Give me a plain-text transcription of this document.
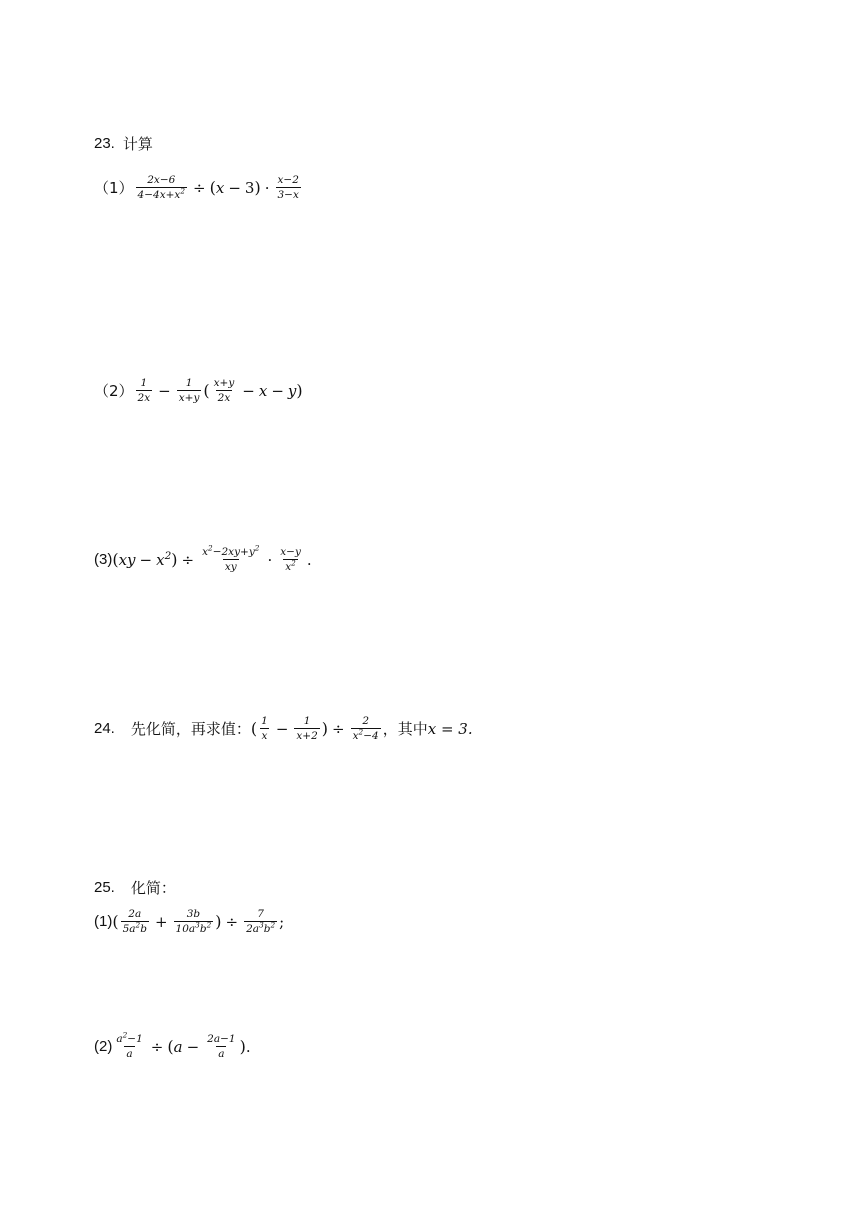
23. 计算
$(1) \frac{2x-6}{4-4x+x^2}$ ÷ ( x − 3 ) · $\frac{x-2}{3-x}$
$(2) \frac{1}{2x} - \frac{1}{x+y}$ ( $\frac{x+y}{2x} - x - y$ )
(3) ( xy − $x^2$ ) ÷ $\frac{x^2-2xy+y^2}{xy} \cdot \frac{x-y}{x^2}$ .
24. 先化简，再求值： ( $\frac{1}{x} - \frac{1}{x+2}$ ) ÷ $\frac{2}{x^2-4}$ ，其中 x = 3.
25. 化简：
(1) ( $\frac{2a}{5a^2b} + \frac{3b}{10a^3b^2}$ ) ÷ $\frac{7}{2a^3b^2}$ ;
$(2) \frac{a^2-1}{a}$ ÷ ( $a - \frac{2a-1}{a}$ ) .
